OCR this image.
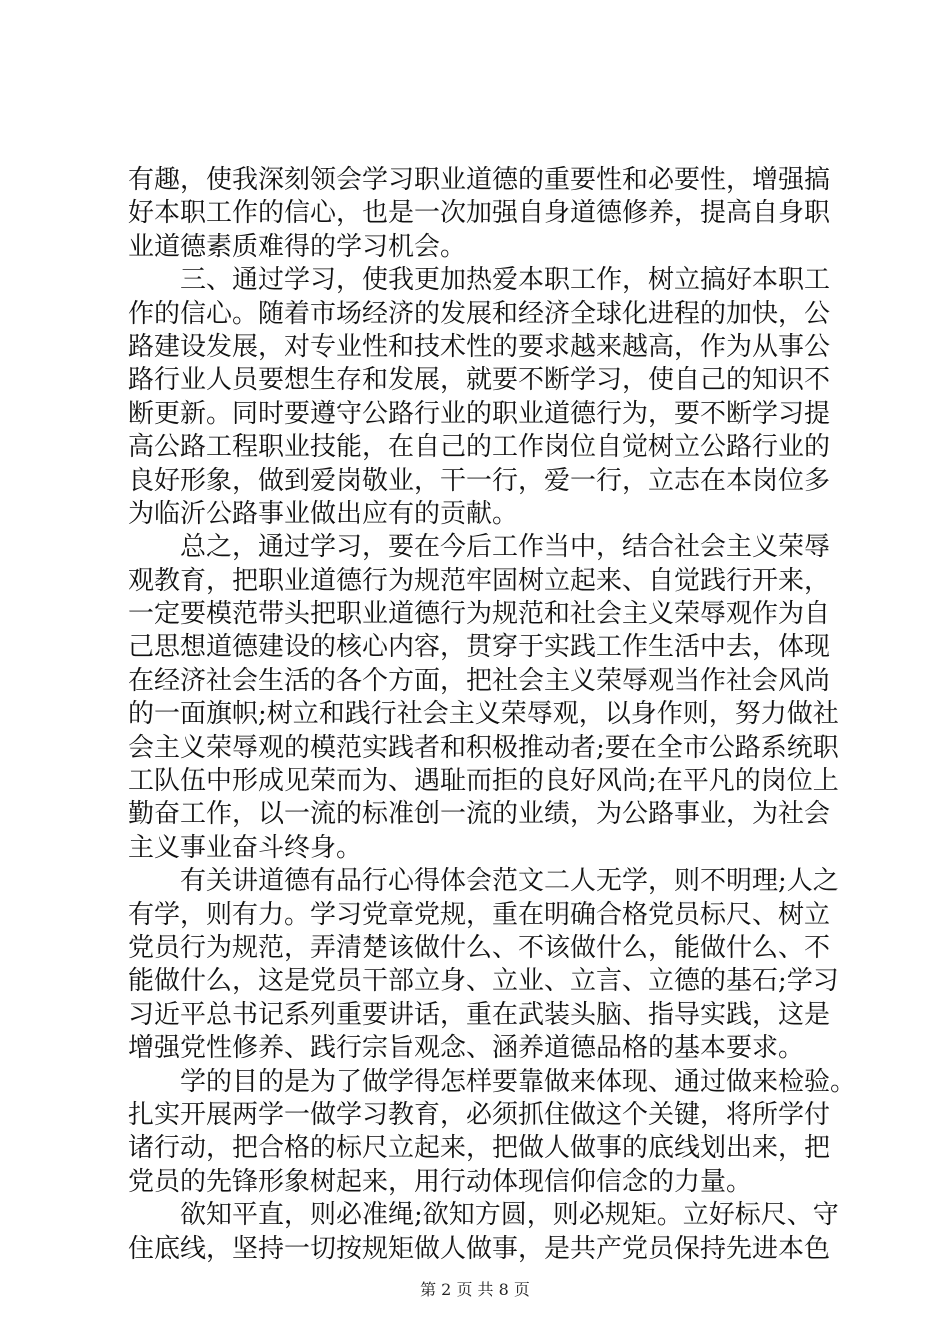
有趣，使我深刻领会学习职业道德的重要性和必要性，增强搞
好本职工作的信心，也是一次加强自身道德修养，提高自身职
业道德素质难得的学习机会。
　　三、通过学习，使我更加热爱本职工作，树立搞好本职工
作的信心。随着市场经济的发展和经济全球化进程的加快，公
路建设发展，对专业性和技术性的要求越来越高，作为从事公
路行业人员要想生存和发展，就要不断学习，使自己的知识不
断更新。同时要遵守公路行业的职业道德行为，要不断学习提
高公路工程职业技能，在自己的工作岗位自觉树立公路行业的
良好形象，做到爱岗敬业，干一行，爱一行，立志在本岗位多
为临沂公路事业做出应有的贡献。
　　总之，通过学习，要在今后工作当中，结合社会主义荣辱
观教育，把职业道德行为规范牢固树立起来、自觉践行开来，
一定要模范带头把职业道德行为规范和社会主义荣辱观作为自
己思想道德建设的核心内容，贯穿于实践工作生活中去，体现
在经济社会生活的各个方面，把社会主义荣辱观当作社会风尚
的一面旗帜;树立和践行社会主义荣辱观，以身作则，努力做社
会主义荣辱观的模范实践者和积极推动者;要在全市公路系统职
工队伍中形成见荣而为、遇耻而拒的良好风尚;在平凡的岗位上
勤奋工作，以一流的标准创一流的业绩，为公路事业，为社会
主义事业奋斗终身。
　　有关讲道德有品行心得体会范文二人无学，则不明理;人之
有学，则有力。学习党章党规，重在明确合格党员标尺、树立
党员行为规范，弄清楚该做什么、不该做什么，能做什么、不
能做什么，这是党员干部立身、立业、立言、立德的基石;学习
习近平总书记系列重要讲话，重在武装头脑、指导实践，这是
增强党性修养、践行宗旨观念、涵养道德品格的基本要求。
　　学的目的是为了做学得怎样要靠做来体现、通过做来检验。
扎实开展两学一做学习教育，必须抓住做这个关键，将所学付
诸行动，把合格的标尺立起来，把做人做事的底线划出来，把
党员的先锋形象树起来，用行动体现信仰信念的力量。
　　欲知平直，则必准绳;欲知方圆，则必规矩。立好标尺、守
住底线，坚持一切按规矩做人做事，是共产党员保持先进本色
第 2 页 共 8 页
